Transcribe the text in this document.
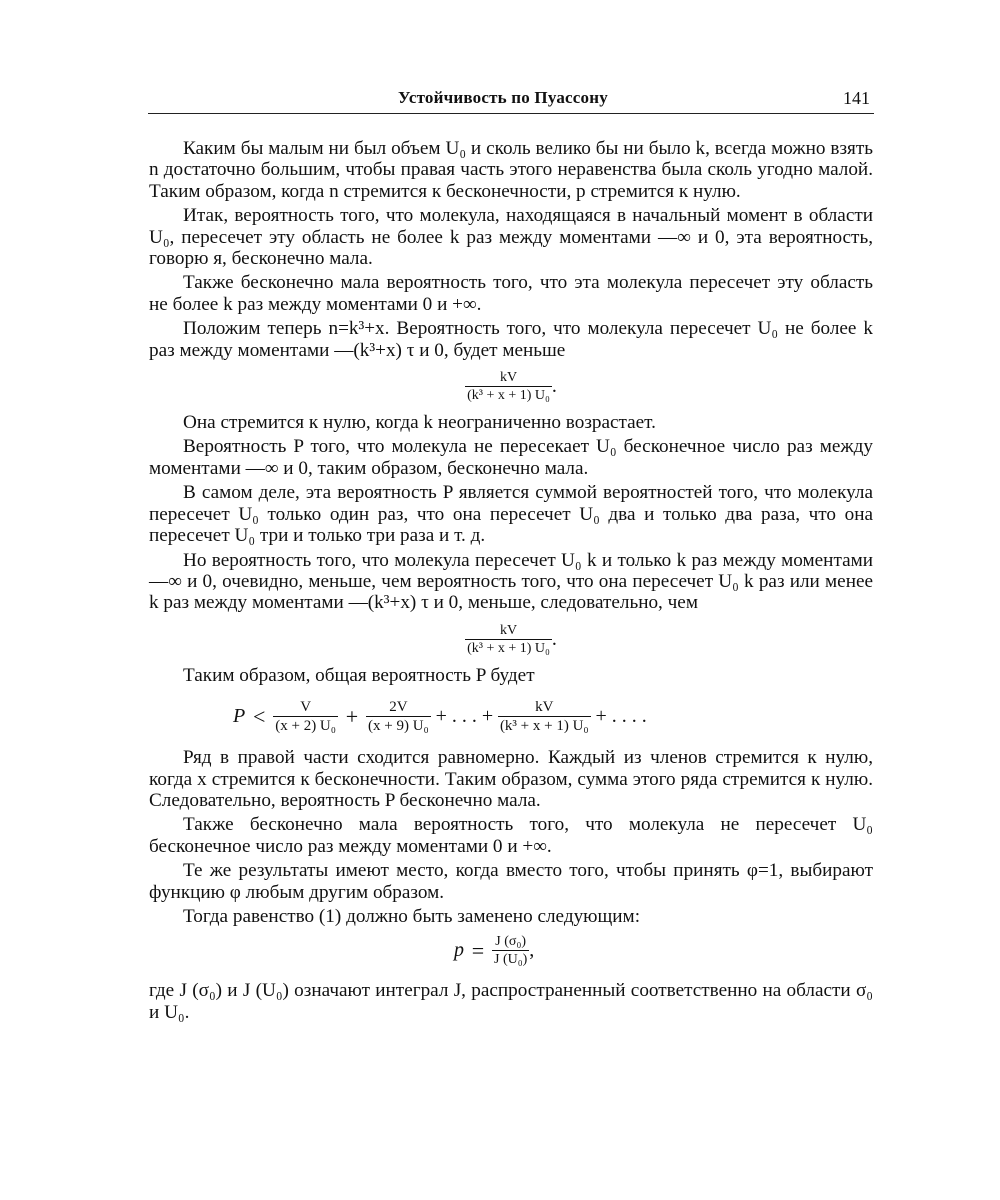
Устойчивость по Пуассону	141

Каким бы малым ни был объем U₀ и сколь велико бы ни было k, всегда можно взять n достаточно большим, чтобы правая часть этого неравенства была сколь угодно малой. Таким образом, когда n стремится к бесконечности, p стремится к нулю.

Итак, вероятность того, что молекула, находящаяся в начальный момент в области U₀, пересечет эту область не более k раз между моментами —∞ и 0, эта вероятность, говорю я, бесконечно мала.

Также бесконечно мала вероятность того, что эта молекула пересечет эту область не более k раз между моментами 0 и +∞.

Положим теперь n=k³+x. Вероятность того, что молекула пересечет U₀ не более k раз между моментами —(k³+x) τ и 0, будет меньше

$\frac{kV}{\text{(k³ + x + 1) U₀}}$ .

Она стремится к нулю, когда k неограниченно возрастает.

Вероятность P того, что молекула не пересекает U₀ бесконечное число раз между моментами —∞ и 0, таким образом, бесконечно мала.

В самом деле, эта вероятность P является суммой вероятностей того, что молекула пересечет U₀ только один раз, что она пересечет U₀ два и только два раза, что она пересечет U₀ три и только три раза и т. д.

Но вероятность того, что молекула пересечет U₀ k и только k раз между моментами —∞ и 0, очевидно, меньше, чем вероятность того, что она пересечет U₀ k раз или менее k раз между моментами —(k³+x) τ и 0, меньше, следовательно, чем

$\frac{kV}{\text{(k³ + x + 1) U₀}}$ .

Таким образом, общая вероятность P будет

$P < \frac{V}{\text{(x + 2) U₀}} + \frac{2V}{\text{(x + 9) U₀}}$ + . . . + $\frac{kV}{\text{(k³ + x + 1) U₀}}$ + . . . .

Ряд в правой части сходится равномерно. Каждый из членов стремится к нулю, когда x стремится к бесконечности. Таким образом, сумма этого ряда стремится к нулю. Следовательно, вероятность P бесконечно мала.

Также бесконечно мала вероятность того, что молекула не пересечет U₀ бесконечное число раз между моментами 0 и +∞.

Те же результаты имеют место, когда вместо того, чтобы принять φ=1, выбирают функцию φ любым другим образом.

Тогда равенство (1) должно быть заменено следующим:

$p = \frac{\text{J (σ₀)}}{\text{J (U₀)}}$ ,

где J (σ₀) и J (U₀) означают интеграл J, распространенный соответственно на области σ₀ и U₀.
